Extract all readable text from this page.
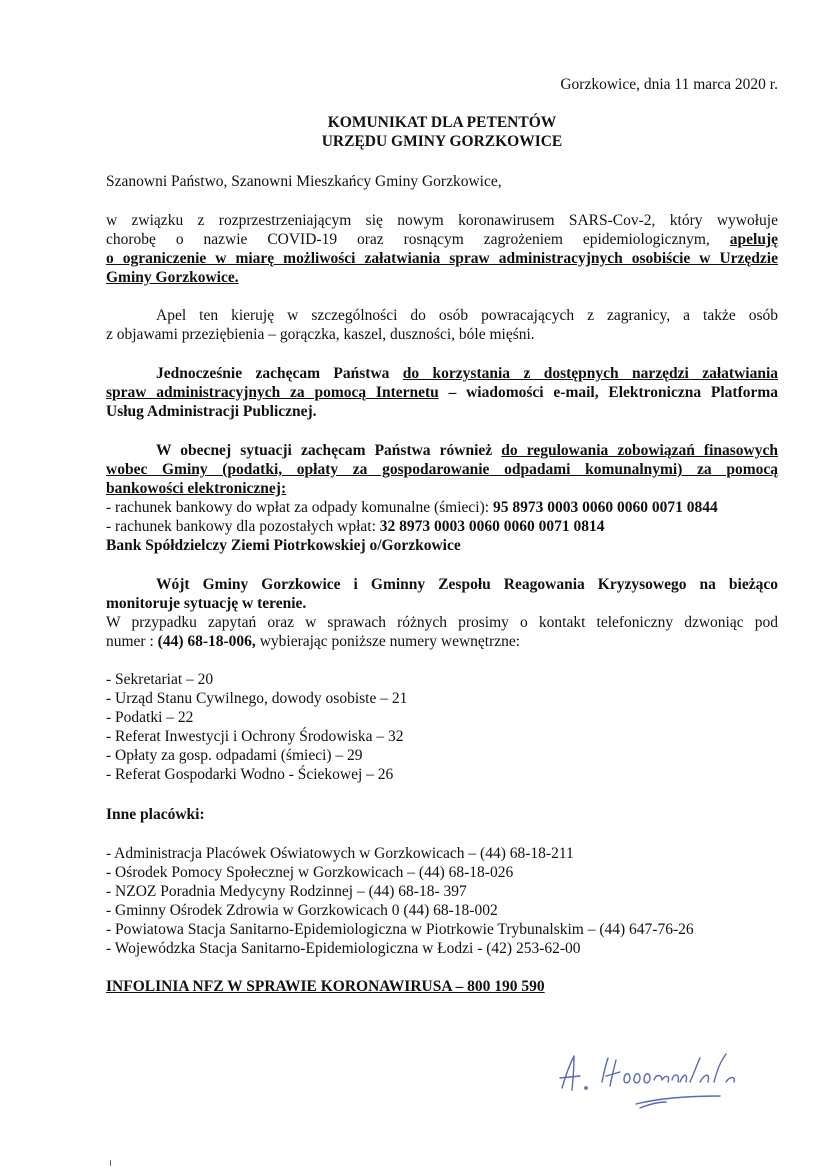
Gorzkowice, dnia 11 marca 2020 r.
KOMUNIKAT DLA PETENTÓW
URZĘDU GMINY GORZKOWICE
Szanowni Państwo, Szanowni Mieszkańcy Gminy Gorzkowice,
w związku z rozprzestrzeniającym się nowym koronawirusem SARS-Cov-2, który wywołuje
chorobę o nazwie COVID-19 oraz rosnącym zagrożeniem epidemiologicznym, apeluję
o ograniczenie w miarę możliwości załatwiania spraw administracyjnych osobiście w Urzędzie
Gminy Gorzkowice.
Apel ten kieruję w szczególności do osób powracających z zagranicy, a także osób
z objawami przeziębienia – gorączka, kaszel, duszności, bóle mięśni.
Jednocześnie zachęcam Państwa do korzystania z dostępnych narzędzi załatwiania
spraw administracyjnych za pomocą Internetu – wiadomości e-mail, Elektroniczna Platforma
Usług Administracji Publicznej.
W obecnej sytuacji zachęcam Państwa również do regulowania zobowiązań finasowych
wobec Gminy (podatki, opłaty za gospodarowanie odpadami komunalnymi) za pomocą
bankowości elektronicznej:
- rachunek bankowy do wpłat za odpady komunalne (śmieci): 95 8973 0003 0060 0060 0071 0844
- rachunek bankowy dla pozostałych wpłat: 32 8973 0003 0060 0060 0071 0814
Bank Spółdzielczy Ziemi Piotrkowskiej o/Gorzkowice
Wójt Gminy Gorzkowice i Gminny Zespołu Reagowania Kryzysowego na bieżąco
monitoruje sytuację w terenie.
W przypadku zapytań oraz w sprawach różnych prosimy o kontakt telefoniczny dzwoniąc pod
numer : (44) 68-18-006, wybierając poniższe numery wewnętrzne:
- Sekretariat – 20
- Urząd Stanu Cywilnego, dowody osobiste – 21
- Podatki – 22
- Referat Inwestycji i Ochrony Środowiska – 32
- Opłaty za gosp. odpadami (śmieci) – 29
- Referat Gospodarki Wodno - Ściekowej – 26
Inne placówki:
- Administracja Placówek Oświatowych w Gorzkowicach – (44) 68-18-211
- Ośrodek Pomocy Społecznej w Gorzkowicach – (44) 68-18-026
- NZOZ Poradnia Medycyny Rodzinnej – (44) 68-18- 397
- Gminny Ośrodek Zdrowia w Gorzkowicach 0 (44) 68-18-002
- Powiatowa Stacja Sanitarno-Epidemiologiczna w Piotrkowie Trybunalskim – (44) 647-76-26
- Wojewódzka Stacja Sanitarno-Epidemiologiczna w Łodzi - (42) 253-62-00
INFOLINIA NFZ W SPRAWIE KORONAWIRUSA – 800 190 590
